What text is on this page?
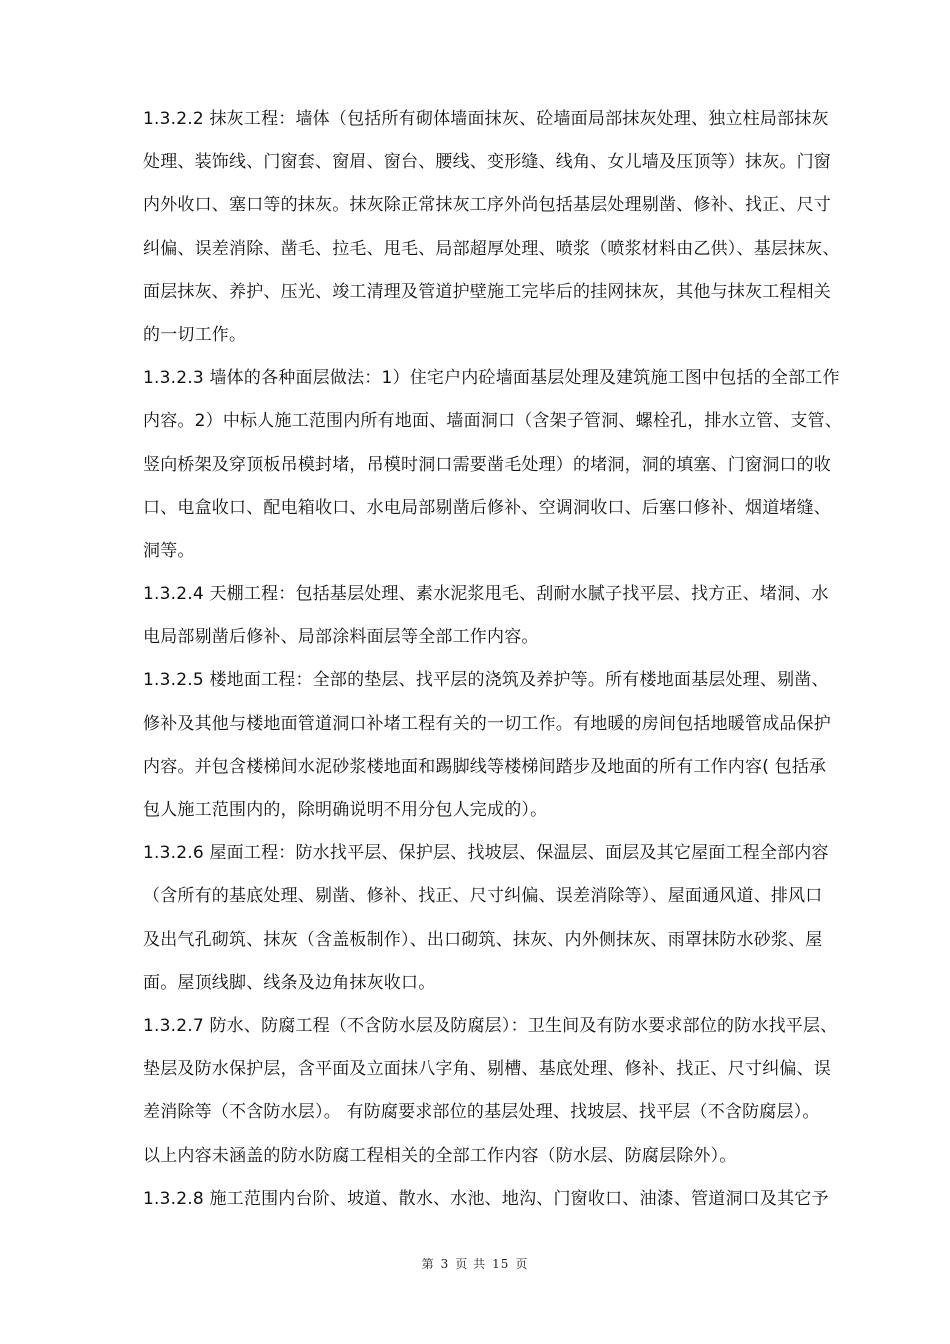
1.3.2.2 抹灰工程：墙体（包括所有砌体墙面抹灰、砼墙面局部抹灰处理、独立柱局部抹灰
处理、装饰线、门窗套、窗眉、窗台、腰线、变形缝、线角、女儿墙及压顶等）抹灰。门窗
内外收口、塞口等的抹灰。抹灰除正常抹灰工序外尚包括基层处理剔凿、修补、找正、尺寸
纠偏、误差消除、凿毛、拉毛、甩毛、局部超厚处理、喷浆（喷浆材料由乙供）、基层抹灰、
面层抹灰、养护、压光、竣工清理及管道护壁施工完毕后的挂网抹灰，其他与抹灰工程相关
的一切工作。
1.3.2.3 墙体的各种面层做法：1）住宅户内砼墙面基层处理及建筑施工图中包括的全部工作
内容。2）中标人施工范围内所有地面、墙面洞口（含架子管洞、螺栓孔，排水立管、支管、
竖向桥架及穿顶板吊模封堵，吊模时洞口需要凿毛处理）的堵洞，洞的填塞、门窗洞口的收
口、电盒收口、配电箱收口、水电局部剔凿后修补、空调洞收口、后塞口修补、烟道堵缝、
洞等。
1.3.2.4 天棚工程：包括基层处理、素水泥浆甩毛、刮耐水腻子找平层、找方正、堵洞、水
电局部剔凿后修补、局部涂料面层等全部工作内容。
1.3.2.5 楼地面工程：全部的垫层、找平层的浇筑及养护等。所有楼地面基层处理、剔凿、
修补及其他与楼地面管道洞口补堵工程有关的一切工作。有地暖的房间包括地暖管成品保护
内容。并包含楼梯间水泥砂浆楼地面和踢脚线等楼梯间踏步及地面的所有工作内容( 包括承
包人施工范围内的，除明确说明不用分包人完成的）。
1.3.2.6 屋面工程：防水找平层、保护层、找坡层、保温层、面层及其它屋面工程全部内容
（含所有的基底处理、剔凿、修补、找正、尺寸纠偏、误差消除等）、屋面通风道、排风口
及出气孔砌筑、抹灰（含盖板制作）、出口砌筑、抹灰、内外侧抹灰、雨罩抹防水砂浆、屋
面。屋顶线脚、线条及边角抹灰收口。
1.3.2.7 防水、防腐工程（不含防水层及防腐层）：卫生间及有防水要求部位的防水找平层、
垫层及防水保护层，含平面及立面抹八字角、剔槽、基底处理、修补、找正、尺寸纠偏、误
差消除等（不含防水层）。 有防腐要求部位的基层处理、找坡层、找平层（不含防腐层）。
以上内容未涵盖的防水防腐工程相关的全部工作内容（防水层、防腐层除外）。
1.3.2.8 施工范围内台阶、坡道、散水、水池、地沟、门窗收口、油漆、管道洞口及其它予
第 3 页 共 15 页
